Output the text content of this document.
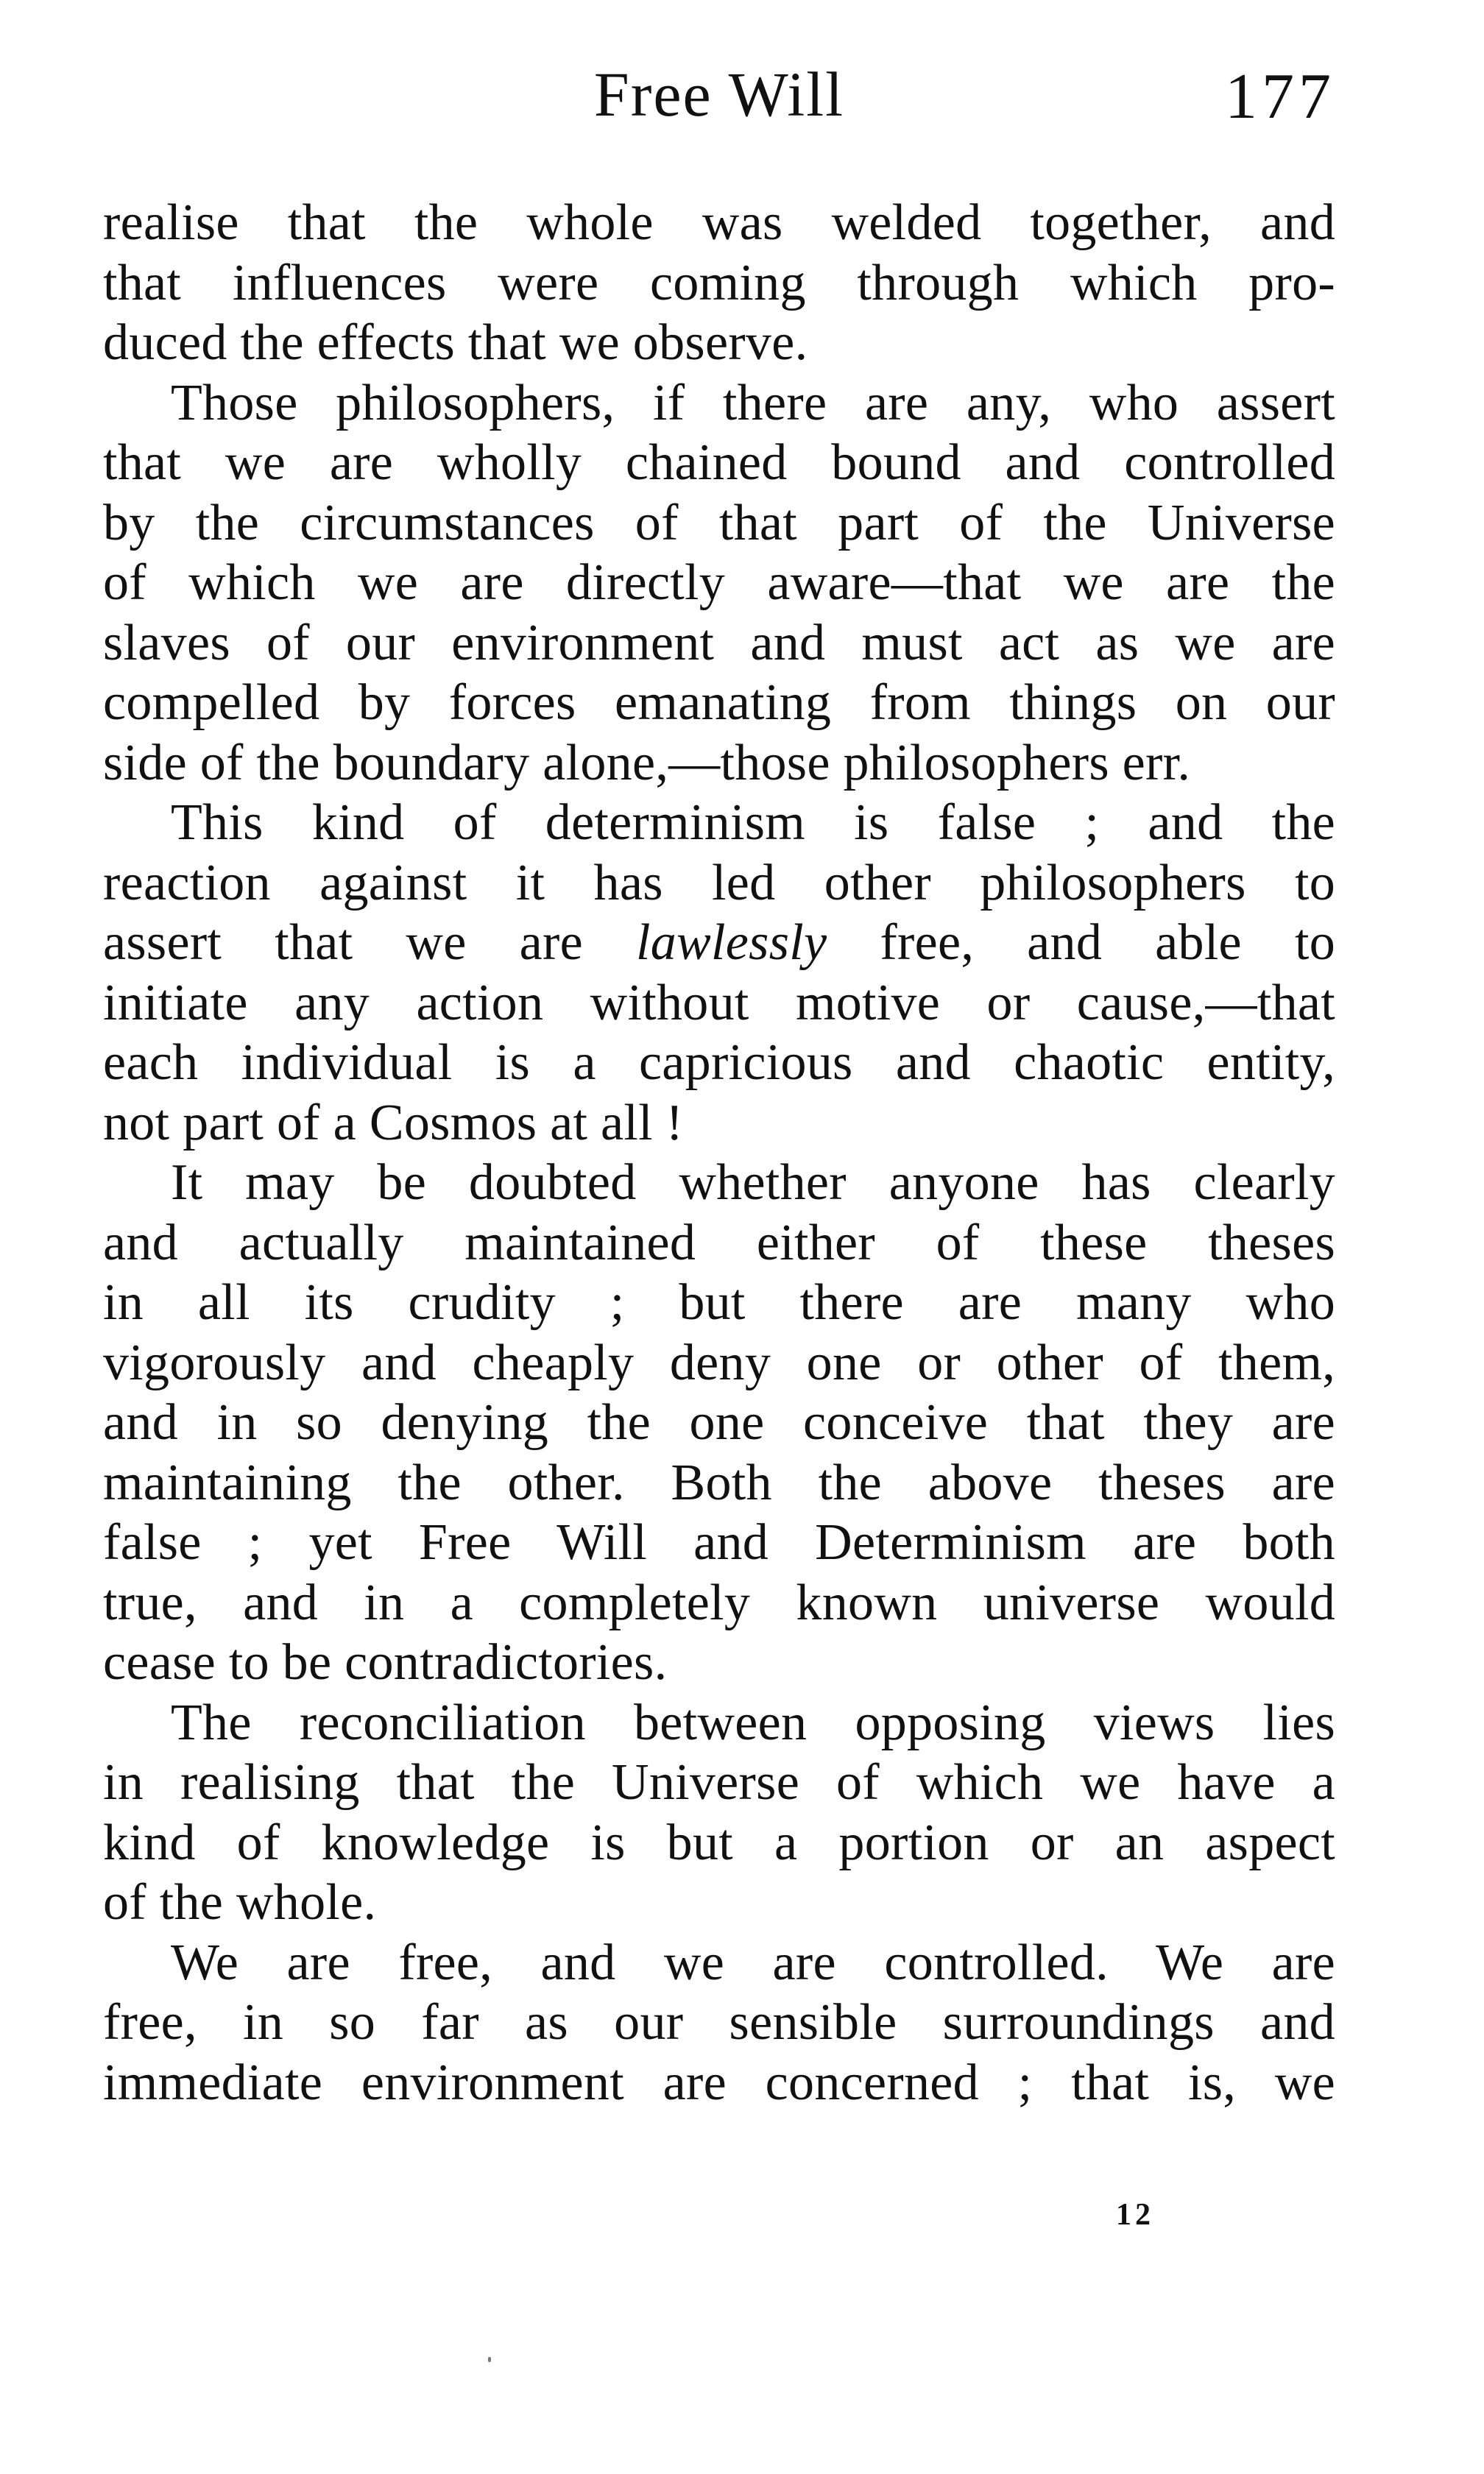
Free Will	177
realise that the whole was welded together, and
that influences were coming through which pro-
duced the effects that we observe.
Those philosophers, if there are any, who assert
that we are wholly chained bound and controlled
by the circumstances of that part of the Universe
of which we are directly aware—that we are the
slaves of our environment and must act as we are
compelled by forces emanating from things on our
side of the boundary alone,—those philosophers err.
This kind of determinism is false ; and the
reaction against it has led other philosophers to
assert that we are lawlessly free, and able to
initiate any action without motive or cause,—that
each individual is a capricious and chaotic entity,
not part of a Cosmos at all !
It may be doubted whether anyone has clearly
and actually maintained either of these theses
in all its crudity ; but there are many who
vigorously and cheaply deny one or other of them,
and in so denying the one conceive that they are
maintaining the other. Both the above theses are
false ; yet Free Will and Determinism are both
true, and in a completely known universe would
cease to be contradictories.
The reconciliation between opposing views lies
in realising that the Universe of which we have a
kind of knowledge is but a portion or an aspect
of the whole.
We are free, and we are controlled. We are
free, in so far as our sensible surroundings and
immediate environment are concerned ; that is, we
12
